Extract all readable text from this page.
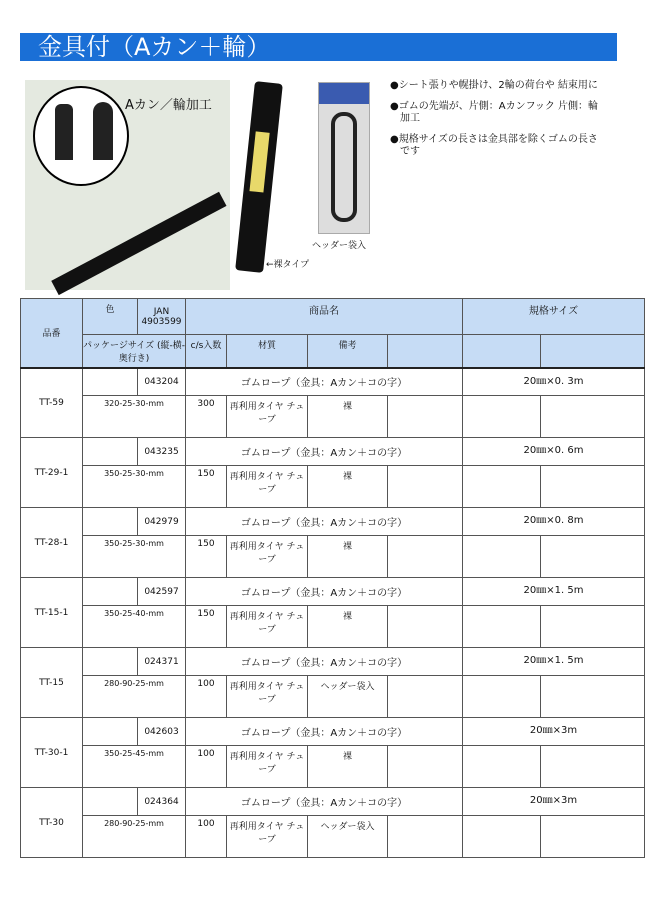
金具付（Aカン＋輪）
Aカン／輪加工
←裸タイプ
ヘッダー袋入

●シート張りや幌掛け、2輪の荷台や 結束用に

●ゴムの先端が、片側：Aカンフック 片側：輪加工

●規格サイズの長さは金具部を除くゴムの長さです

品番	色	JAN 4903599	商品名				規格サイズ	
	パッケージサイズ (縦-横-奥行き)		c/s入数	材質	備考			
TT-59		043204	ゴムロープ（金具：Aカン＋コの字）				20㎜×0. 3m	
	320-25-30-mm		300	再利用タイヤ チューブ	裸			
TT-29-1		043235	ゴムロープ（金具：Aカン＋コの字）				20㎜×0. 6m	
	350-25-30-mm		150	再利用タイヤ チューブ	裸			
TT-28-1		042979	ゴムロープ（金具：Aカン＋コの字）				20㎜×0. 8m	
	350-25-30-mm		150	再利用タイヤ チューブ	裸			
TT-15-1		042597	ゴムロープ（金具：Aカン＋コの字）				20㎜×1. 5m	
	350-25-40-mm		150	再利用タイヤ チューブ	裸			
TT-15		024371	ゴムロープ（金具：Aカン＋コの字）				20㎜×1. 5m	
	280-90-25-mm		100	再利用タイヤ チューブ	ヘッダー袋入			
TT-30-1		042603	ゴムロープ（金具：Aカン＋コの字）				20㎜×3m	
	350-25-45-mm		100	再利用タイヤ チューブ	裸			
TT-30		024364	ゴムロープ（金具：Aカン＋コの字）				20㎜×3m	
	280-90-25-mm		100	再利用タイヤ チューブ	ヘッダー袋入			
